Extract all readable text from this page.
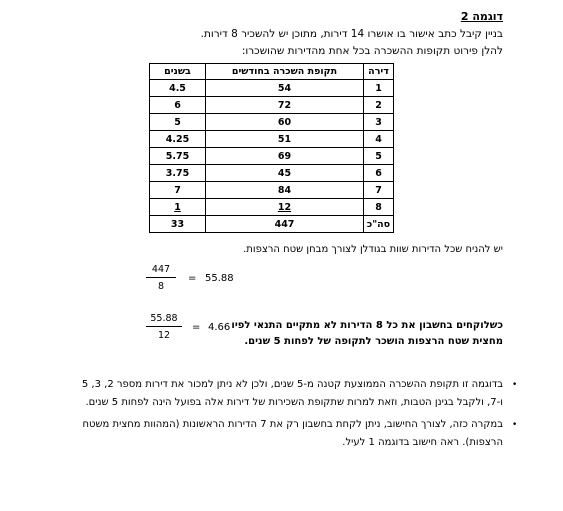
דוגמה 2
בניין קיבל כתב אישור בו אושרו 14 דירות, מתוכן יש להשכיר 8 דירות.
להלן פירוט תקופות ההשכרה בכל אחת מהדירות שהושכרו:
דירה	תקופת השכרה בחודשים	בשנים
1	54	4.5
2	72	6
3	60	5
4	51	4.25
5	69	5.75
6	45	3.75
7	84	7
8	12	1
סה"כ	447	33
יש להניח שכל הדירות שוות בגודלן לצורך מבחן שטח הרצפות.
$\frac{447}{8} = 55.88$
$\frac{55.88}{12} = 4.66$ כשלוקחים בחשבון את כל 8 הדירות לא מתקיים התנאי לפיו
מחצית שטח הרצפות הושכר לתקופה של לפחות 5 שנים.
•
בדוגמה זו תקופת ההשכרה הממוצעת קטנה מ-5 שנים, ולכן לא ניתן למכור את דירות מספר 2, 3, 5
ו-7, ולקבל בגינן הטבות, וזאת למרות שתקופת השכירות של דירות אלה בפועל הינה לפחות 5 שנים.
•
במקרה כזה, לצורך החישוב, ניתן לקחת בחשבון רק את 7 הדירות הראשונות (המהוות מחצית משטח
הרצפות). ראה חישוב בדוגמה 1 לעיל.
